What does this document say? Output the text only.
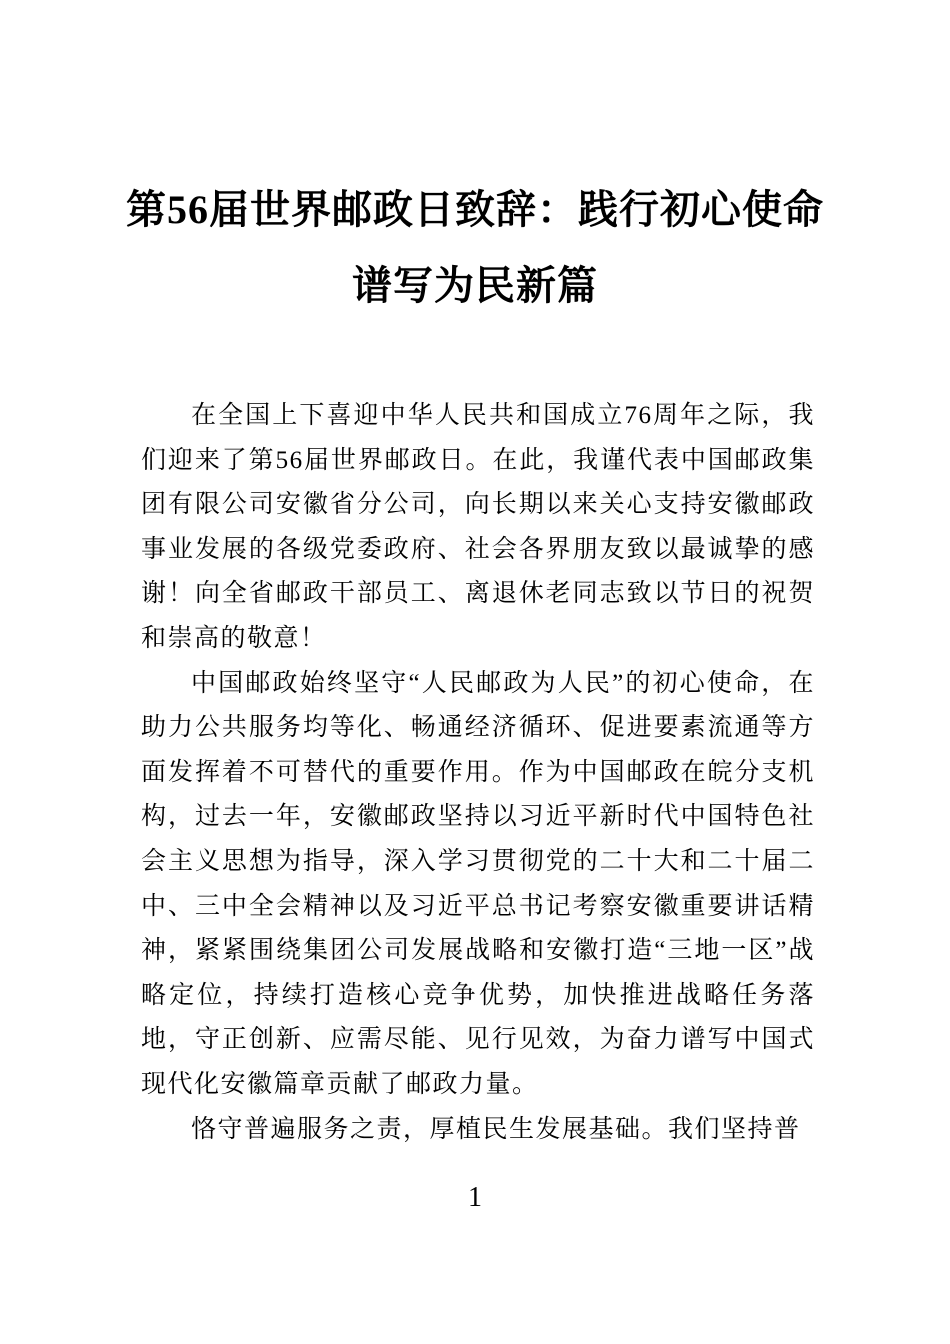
第56届世界邮政日致辞：践行初心使命
谱写为民新篇

在全国上下喜迎中华人民共和国成立76周年之际，我们迎来了第56届世界邮政日。在此，我谨代表中国邮政集团有限公司安徽省分公司，向长期以来关心支持安徽邮政事业发展的各级党委政府、社会各界朋友致以最诚挚的感谢！向全省邮政干部员工、离退休老同志致以节日的祝贺和崇高的敬意！

中国邮政始终坚守“人民邮政为人民”的初心使命，在助力公共服务均等化、畅通经济循环、促进要素流通等方面发挥着不可替代的重要作用。作为中国邮政在皖分支机构，过去一年，安徽邮政坚持以习近平新时代中国特色社会主义思想为指导，深入学习贯彻党的二十大和二十届二中、三中全会精神以及习近平总书记考察安徽重要讲话精神，紧紧围绕集团公司发展战略和安徽打造“三地一区”战略定位，持续打造核心竞争优势，加快推进战略任务落地，守正创新、应需尽能、见行见效，为奋力谱写中国式现代化安徽篇章贡献了邮政力量。

恪守普遍服务之责，厚植民生发展基础。我们坚持普

1
